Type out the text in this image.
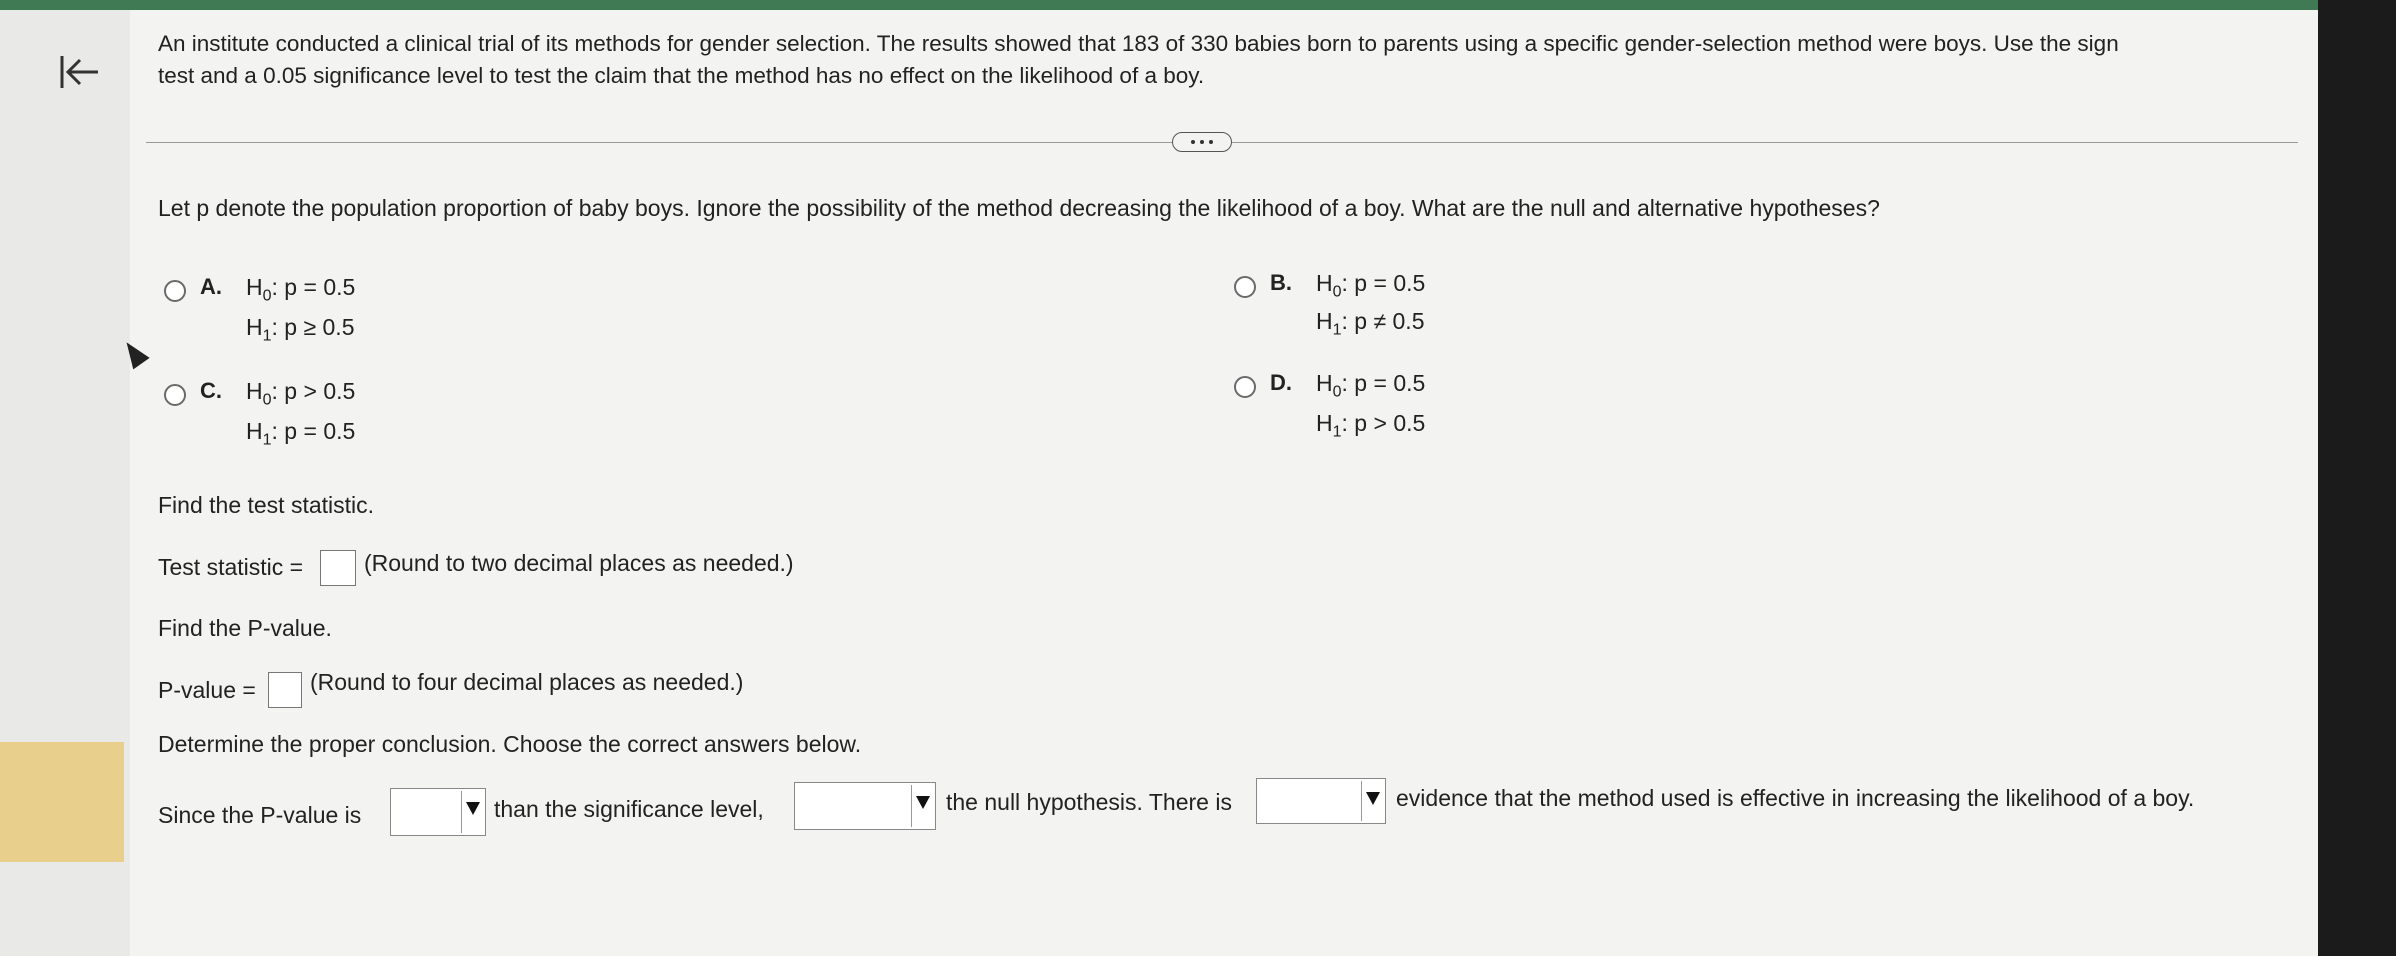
An institute conducted a clinical trial of its methods for gender selection. The results showed that 183 of 330 babies born to parents using a specific gender-selection method were boys. Use the sign
test and a 0.05 significance level to test the claim that the method has no effect on the likelihood of a boy.
Let p denote the population proportion of baby boys. Ignore the possibility of the method decreasing the likelihood of a boy. What are the null and alternative hypotheses?
A. $H_0$: p = 0.5
$H_1$: p ≥ 0.5
B. $H_0$: p = 0.5
$H_1$: p ≠ 0.5
C. $H_0$: p > 0.5
$H_1$: p = 0.5
D. $H_0$: p = 0.5
$H_1$: p > 0.5
Find the test statistic.
Test statistic =	(Round to two decimal places as needed.)
Find the P-value.
P-value = (Round to four decimal places as needed.)
Determine the proper conclusion. Choose the correct answers below.
Since the P-value is	than the significance level,	the null hypothesis. There is	evidence that the method used is effective in increasing the likelihood of a boy.
